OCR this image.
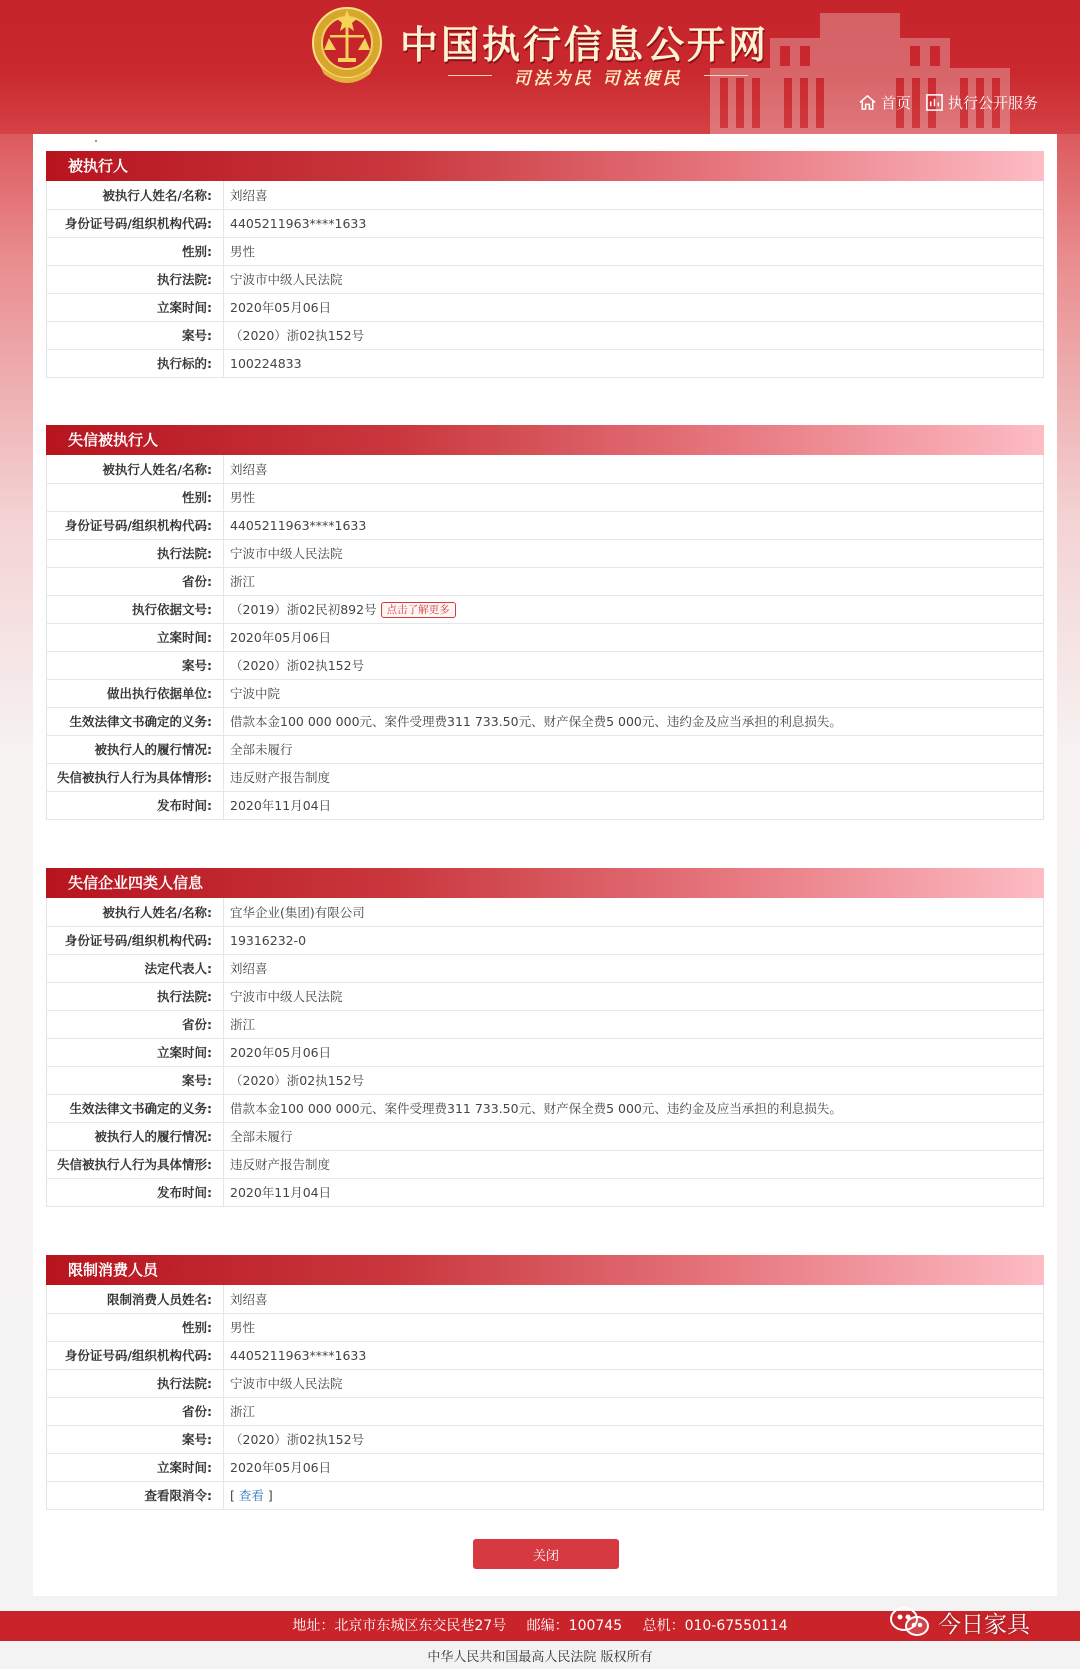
中国执行信息公开网
司法为民 司法便民
首页 执行公开服务
被执行人
被执行人姓名/名称:	刘绍喜
身份证号码/组织机构代码:	4405211963****1633
性别:	男性
执行法院:	宁波市中级人民法院
立案时间:	2020年05月06日
案号:	（2020）浙02执152号
执行标的:	100224833
失信被执行人
被执行人姓名/名称:	刘绍喜
性别:	男性
身份证号码/组织机构代码:	4405211963****1633
执行法院:	宁波市中级人民法院
省份:	浙江
执行依据文号:	（2019）浙02民初892号 点击了解更多
立案时间:	2020年05月06日
案号:	（2020）浙02执152号
做出执行依据单位:	宁波中院
生效法律文书确定的义务:	借款本金100 000 000元、案件受理费311 733.50元、财产保全费5 000元、违约金及应当承担的利息损失。
被执行人的履行情况:	全部未履行
失信被执行人行为具体情形:	违反财产报告制度
发布时间:	2020年11月04日
失信企业四类人信息
被执行人姓名/名称:	宜华企业(集团)有限公司
身份证号码/组织机构代码:	19316232-0
法定代表人:	刘绍喜
执行法院:	宁波市中级人民法院
省份:	浙江
立案时间:	2020年05月06日
案号:	（2020）浙02执152号
生效法律文书确定的义务:	借款本金100 000 000元、案件受理费311 733.50元、财产保全费5 000元、违约金及应当承担的利息损失。
被执行人的履行情况:	全部未履行
失信被执行人行为具体情形:	违反财产报告制度
发布时间:	2020年11月04日
限制消费人员
限制消费人员姓名:	刘绍喜
性别:	男性
身份证号码/组织机构代码:	4405211963****1633
执行法院:	宁波市中级人民法院
省份:	浙江
案号:	（2020）浙02执152号
立案时间:	2020年05月06日
查看限消令:	[ 查看 ]
关闭
地址：北京市东城区东交民巷27号 邮编：100745 总机：010-67550114
中华人民共和国最高人民法院 版权所有
今日家具
